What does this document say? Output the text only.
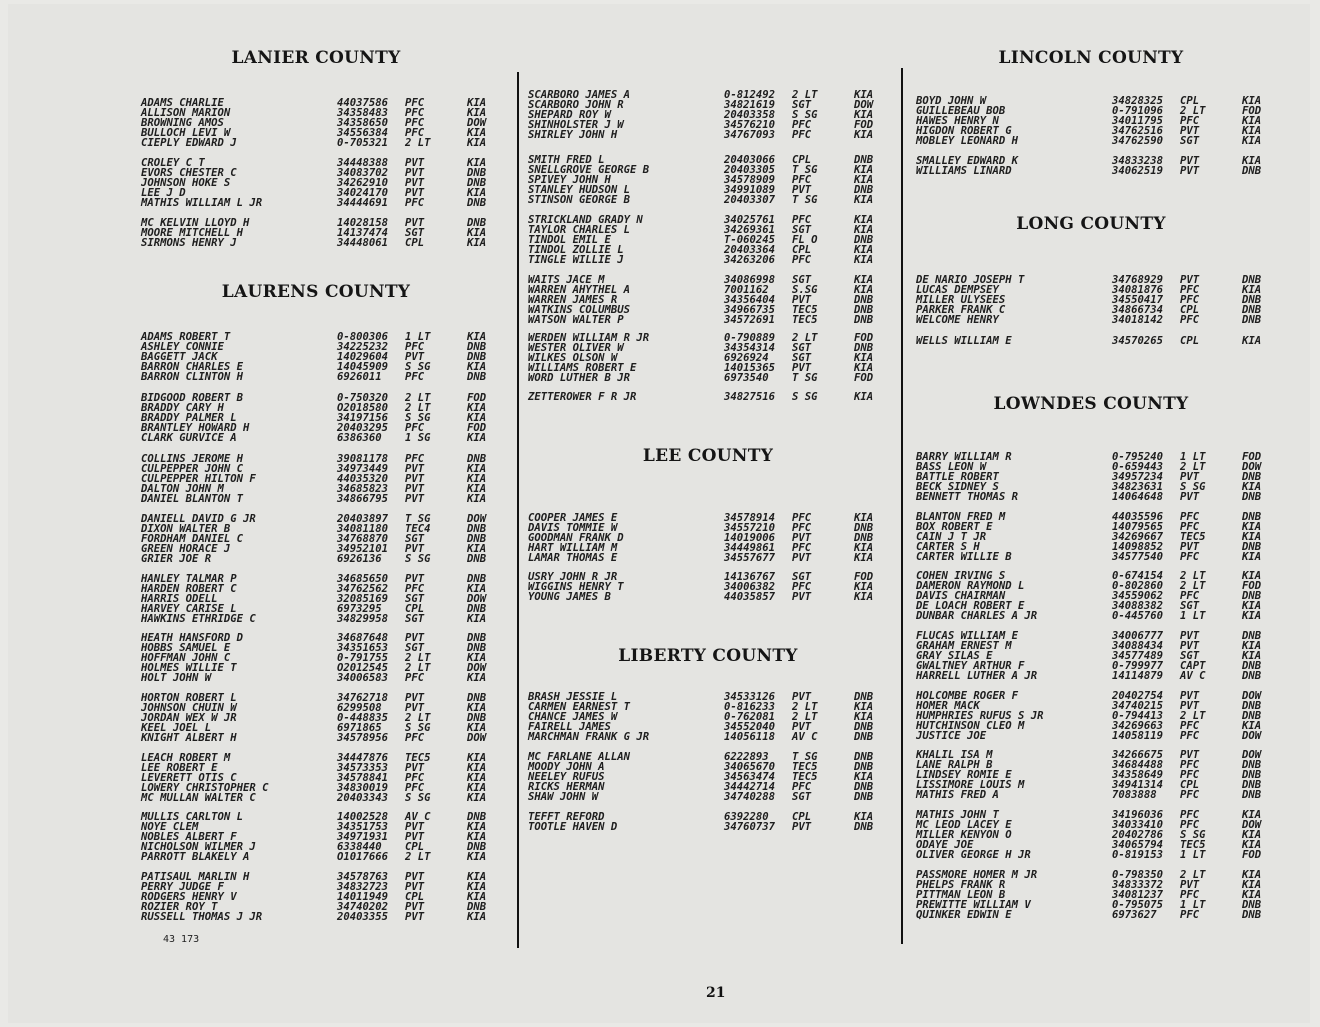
LANIER COUNTY
ADAMS CHARLIE	44037586 PFC	KIA
ALLISON MARION	34358483 PFC	KIA
BROWNING AMOS	34358650 PFC	DOW
BULLOCH LEVI W	34556384 PFC	KIA
CIEPLY EDWARD J	0-705321 2 LT	KIA
CROLEY C T	34448388 PVT	KIA
EVORS CHESTER C	34083702 PVT	DNB
JOHNSON HOKE S	34262910 PVT	DNB
LEE J D	34024170 PVT	KIA
MATHIS WILLIAM L JR	34444691 PFC	DNB
MC KELVIN LLOYD H	14028158 PVT	DNB
MOORE MITCHELL H	14137474 SGT	KIA
SIRMONS HENRY J	34448061 CPL	KIA
LAURENS COUNTY
ADAMS ROBERT T	0-800306 1 LT	KIA
ASHLEY CONNIE	34225232 PFC	DNB
BAGGETT JACK	14029604 PVT	DNB
BARRON CHARLES E	14045909 S SG	KIA
BARRON CLINTON H	6926011 PFC	DNB
BIDGOOD ROBERT B	0-750320 2 LT	FOD
BRADDY CARY H	O2018580 2 LT	KIA
BRADDY PALMER L	34197156 S SG	KIA
BRANTLEY HOWARD H	20403295 PFC	FOD
CLARK GURVICE A	6386360 1 SG	KIA
COLLINS JEROME H	39081178 PFC	DNB
CULPEPPER JOHN C	34973449 PVT	KIA
CULPEPPER HILTON F	44035320 PVT	KIA
DALTON JOHN M	34685823 PVT	KIA
DANIEL BLANTON T	34866795 PVT	KIA
DANIELL DAVID G JR	20403897 T SG	DOW
DIXON WALTER B	34081180 TEC4	DNB
FORDHAM DANIEL C	34768870 SGT	DNB
GREEN HORACE J	34952101 PVT	KIA
GRIER JOE R	6926136 S SG	DNB
HANLEY TALMAR P	34685650 PVT	DNB
HARDEN ROBERT C	34762562 PFC	KIA
HARRIS ODELL	32085169 SGT	DOW
HARVEY CARISE L	6973295 CPL	DNB
HAWKINS ETHRIDGE C	34829958 SGT	KIA
HEATH HANSFORD D	34687648 PVT	DNB
HOBBS SAMUEL E	34351653 SGT	DNB
HOFFMAN JOHN C	0-791755 2 LT	KIA
HOLMES WILLIE T	O2012545 2 LT	DOW
HOLT JOHN W	34006583 PFC	KIA
HORTON ROBERT L	34762718 PVT	DNB
JOHNSON CHUIN W	6299508 PVT	KIA
JORDAN WEX W JR	0-448835 2 LT	DNB
KEEL JOEL L	6971865 S SG	KIA
KNIGHT ALBERT H	34578956 PFC	DOW
LEACH ROBERT M	34447876 TEC5	KIA
LEE ROBERT E	34573353 PVT	KIA
LEVERETT OTIS C	34578841 PFC	KIA
LOWERY CHRISTOPHER C	34830019 PFC	KIA
MC MULLAN WALTER C	20403343 S SG	KIA
MULLIS CARLTON L	14002528 AV C	DNB
NOYE CLEM	34351753 PVT	KIA
NOBLES ALBERT F	34971931 PVT	KIA
NICHOLSON WILMER J	6338440 CPL	DNB
PARROTT BLAKELY A	O1017666 2 LT	KIA
PATISAUL MARLIN H	34578763 PVT	KIA
PERRY JUDGE F	34832723 PVT	KIA
RODGERS HENRY V	14011949 CPL	KIA
ROZIER ROY T	34740202 PVT	DNB
RUSSELL THOMAS J JR	20403355 PVT	KIA
SCARBORO JAMES A	0-812492 2 LT	KIA
SCARBORO JOHN R	34821619 SGT	DOW
SHEPARD ROY W	20403358 S SG	KIA
SHINHOLSTER J W	34576210 PFC	FOD
SHIRLEY JOHN H	34767093 PFC	KIA
SMITH FRED L	20403066 CPL	DNB
SNELLGROVE GEORGE B	20403305 T SG	KIA
SPIVEY JOHN H	34578909 PFC	KIA
STANLEY HUDSON L	34991089 PVT	DNB
STINSON GEORGE B	20403307 T SG	KIA
STRICKLAND GRADY N	34025761 PFC	KIA
TAYLOR CHARLES L	34269361 SGT	KIA
TINDOL EMIL E	T-060245 FL O	DNB
TINDOL ZOLLIE L	20403364 CPL	KIA
TINGLE WILLIE J	34263206 PFC	KIA
WAITS JACE M	34086998 SGT	KIA
WARREN AHYTHEL A	7001162 S.SG	KIA
WARREN JAMES R	34356404 PVT	DNB
WATKINS COLUMBUS	34966735 TEC5	DNB
WATSON WALTER P	34572691 TEC5	DNB
WERDEN WILLIAM R JR	0-790889 2 LT	FOD
WESTER OLIVER W	34354314 SGT	DNB
WILKES OLSON W	6926924 SGT	KIA
WILLIAMS ROBERT E	14015365 PVT	KIA
WORD LUTHER B JR	6973540 T SG	FOD
ZETTEROWER F R JR	34827516 S SG	KIA
LEE COUNTY
COOPER JAMES E	34578914 PFC	KIA
DAVIS TOMMIE W	34557210 PFC	DNB
GOODMAN FRANK D	14019006 PVT	DNB
HART WILLIAM M	34449861 PFC	KIA
LAMAR THOMAS E	34557677 PVT	KIA
USRY JOHN R JR	14136767 SGT	FOD
WIGGINS HENRY T	34006382 PFC	KIA
YOUNG JAMES B	44035857 PVT	KIA
LIBERTY COUNTY
BRASH JESSIE L	34533126 PVT	DNB
CARMEN EARNEST T	0-816233 2 LT	KIA
CHANCE JAMES W	0-762081 2 LT	KIA
FAIRELL JAMES	34552040 PVT	DNB
MARCHMAN FRANK G JR	14056118 AV C	DNB
MC FARLANE ALLAN	6222893 T SG	DNB
MOODY JOHN A	34065670 TEC5	DNB
NEELEY RUFUS	34563474 TEC5	KIA
RICKS HERMAN	34442714 PFC	DNB
SHAW JOHN W	34740288 SGT	DNB
TEFFT REFORD	6392280 CPL	KIA
TOOTLE HAVEN D	34760737 PVT	DNB
LINCOLN COUNTY
BOYD JOHN W	34828325 CPL	KIA
GUILLEBEAU BOB	0-791096 2 LT	FOD
HAWES HENRY N	34011795 PFC	KIA
HIGDON ROBERT G	34762516 PVT	KIA
MOBLEY LEONARD H	34762590 SGT	KIA
SMALLEY EDWARD K	34833238 PVT	KIA
WILLIAMS LINARD	34062519 PVT	DNB
LONG COUNTY
DE NARIO JOSEPH T	34768929 PVT	DNB
LUCAS DEMPSEY	34081876 PFC	KIA
MILLER ULYSEES	34550417 PFC	DNB
PARKER FRANK C	34866734 CPL	DNB
WELCOME HENRY	34018142 PFC	DNB
WELLS WILLIAM E	34570265 CPL	KIA
LOWNDES COUNTY
BARRY WILLIAM R	0-795240 1 LT	FOD
BASS LEON W	0-659443 2 LT	DOW
BATTLE ROBERT	34957234 PVT	DNB
BECK SIDNEY S	34823631 S SG	KIA
BENNETT THOMAS R	14064648 PVT	DNB
BLANTON FRED M	44035596 PFC	DNB
BOX ROBERT E	14079565 PFC	KIA
CAIN J T JR	34269667 TEC5	KIA
CARTER S H	14098852 PVT	DNB
CARTER WILLIE B	34577540 PFC	KIA
COHEN IRVING S	0-674154 2 LT	KIA
DAMERON RAYMOND L	0-802860 2 LT	FOD
DAVIS CHAIRMAN	34559062 PFC	DNB
DE LOACH ROBERT E	34088382 SGT	KIA
DUNBAR CHARLES A JR	0-445760 1 LT	KIA
FLUCAS WILLIAM E	34006777 PVT	DNB
GRAHAM ERNEST M	34088434 PVT	KIA
GRAY SILAS E	34577489 SGT	KIA
GWALTNEY ARTHUR F	0-799977 CAPT	DNB
HARRELL LUTHER A JR	14114879 AV C	DNB
HOLCOMBE ROGER F	20402754 PVT	DOW
HOMER MACK	34740215 PVT	DNB
HUMPHRIES RUFUS S JR	0-794413 2 LT	DNB
HUTCHINSON CLEO M	34269663 PFC	KIA
JUSTICE JOE	14058119 PFC	DOW
KHALIL ISA M	34266675 PVT	DOW
LANE RALPH B	34684488 PFC	DNB
LINDSEY ROMIE E	34358649 PFC	DNB
LISSIMORE LOUIS M	34941314 CPL	DNB
MATHIS FRED A	7083888 PFC	DNB
MATHIS JOHN T	34196036 PFC	KIA
MC LEOD LACEY E	34033410 PFC	DOW
MILLER KENYON O	20402786 S SG	KIA
ODAYE JOE	34065794 TEC5	KIA
OLIVER GEORGE H JR	0-819153 1 LT	FOD
PASSMORE HOMER M JR	0-798350 2 LT	KIA
PHELPS FRANK R	34833372 PVT	KIA
PITTMAN LEON B	34081237 PFC	KIA
PREWITTE WILLIAM V	0-795075 1 LT	DNB
QUINKER EDWIN E	6973627 PFC	DNB
43 173
21
